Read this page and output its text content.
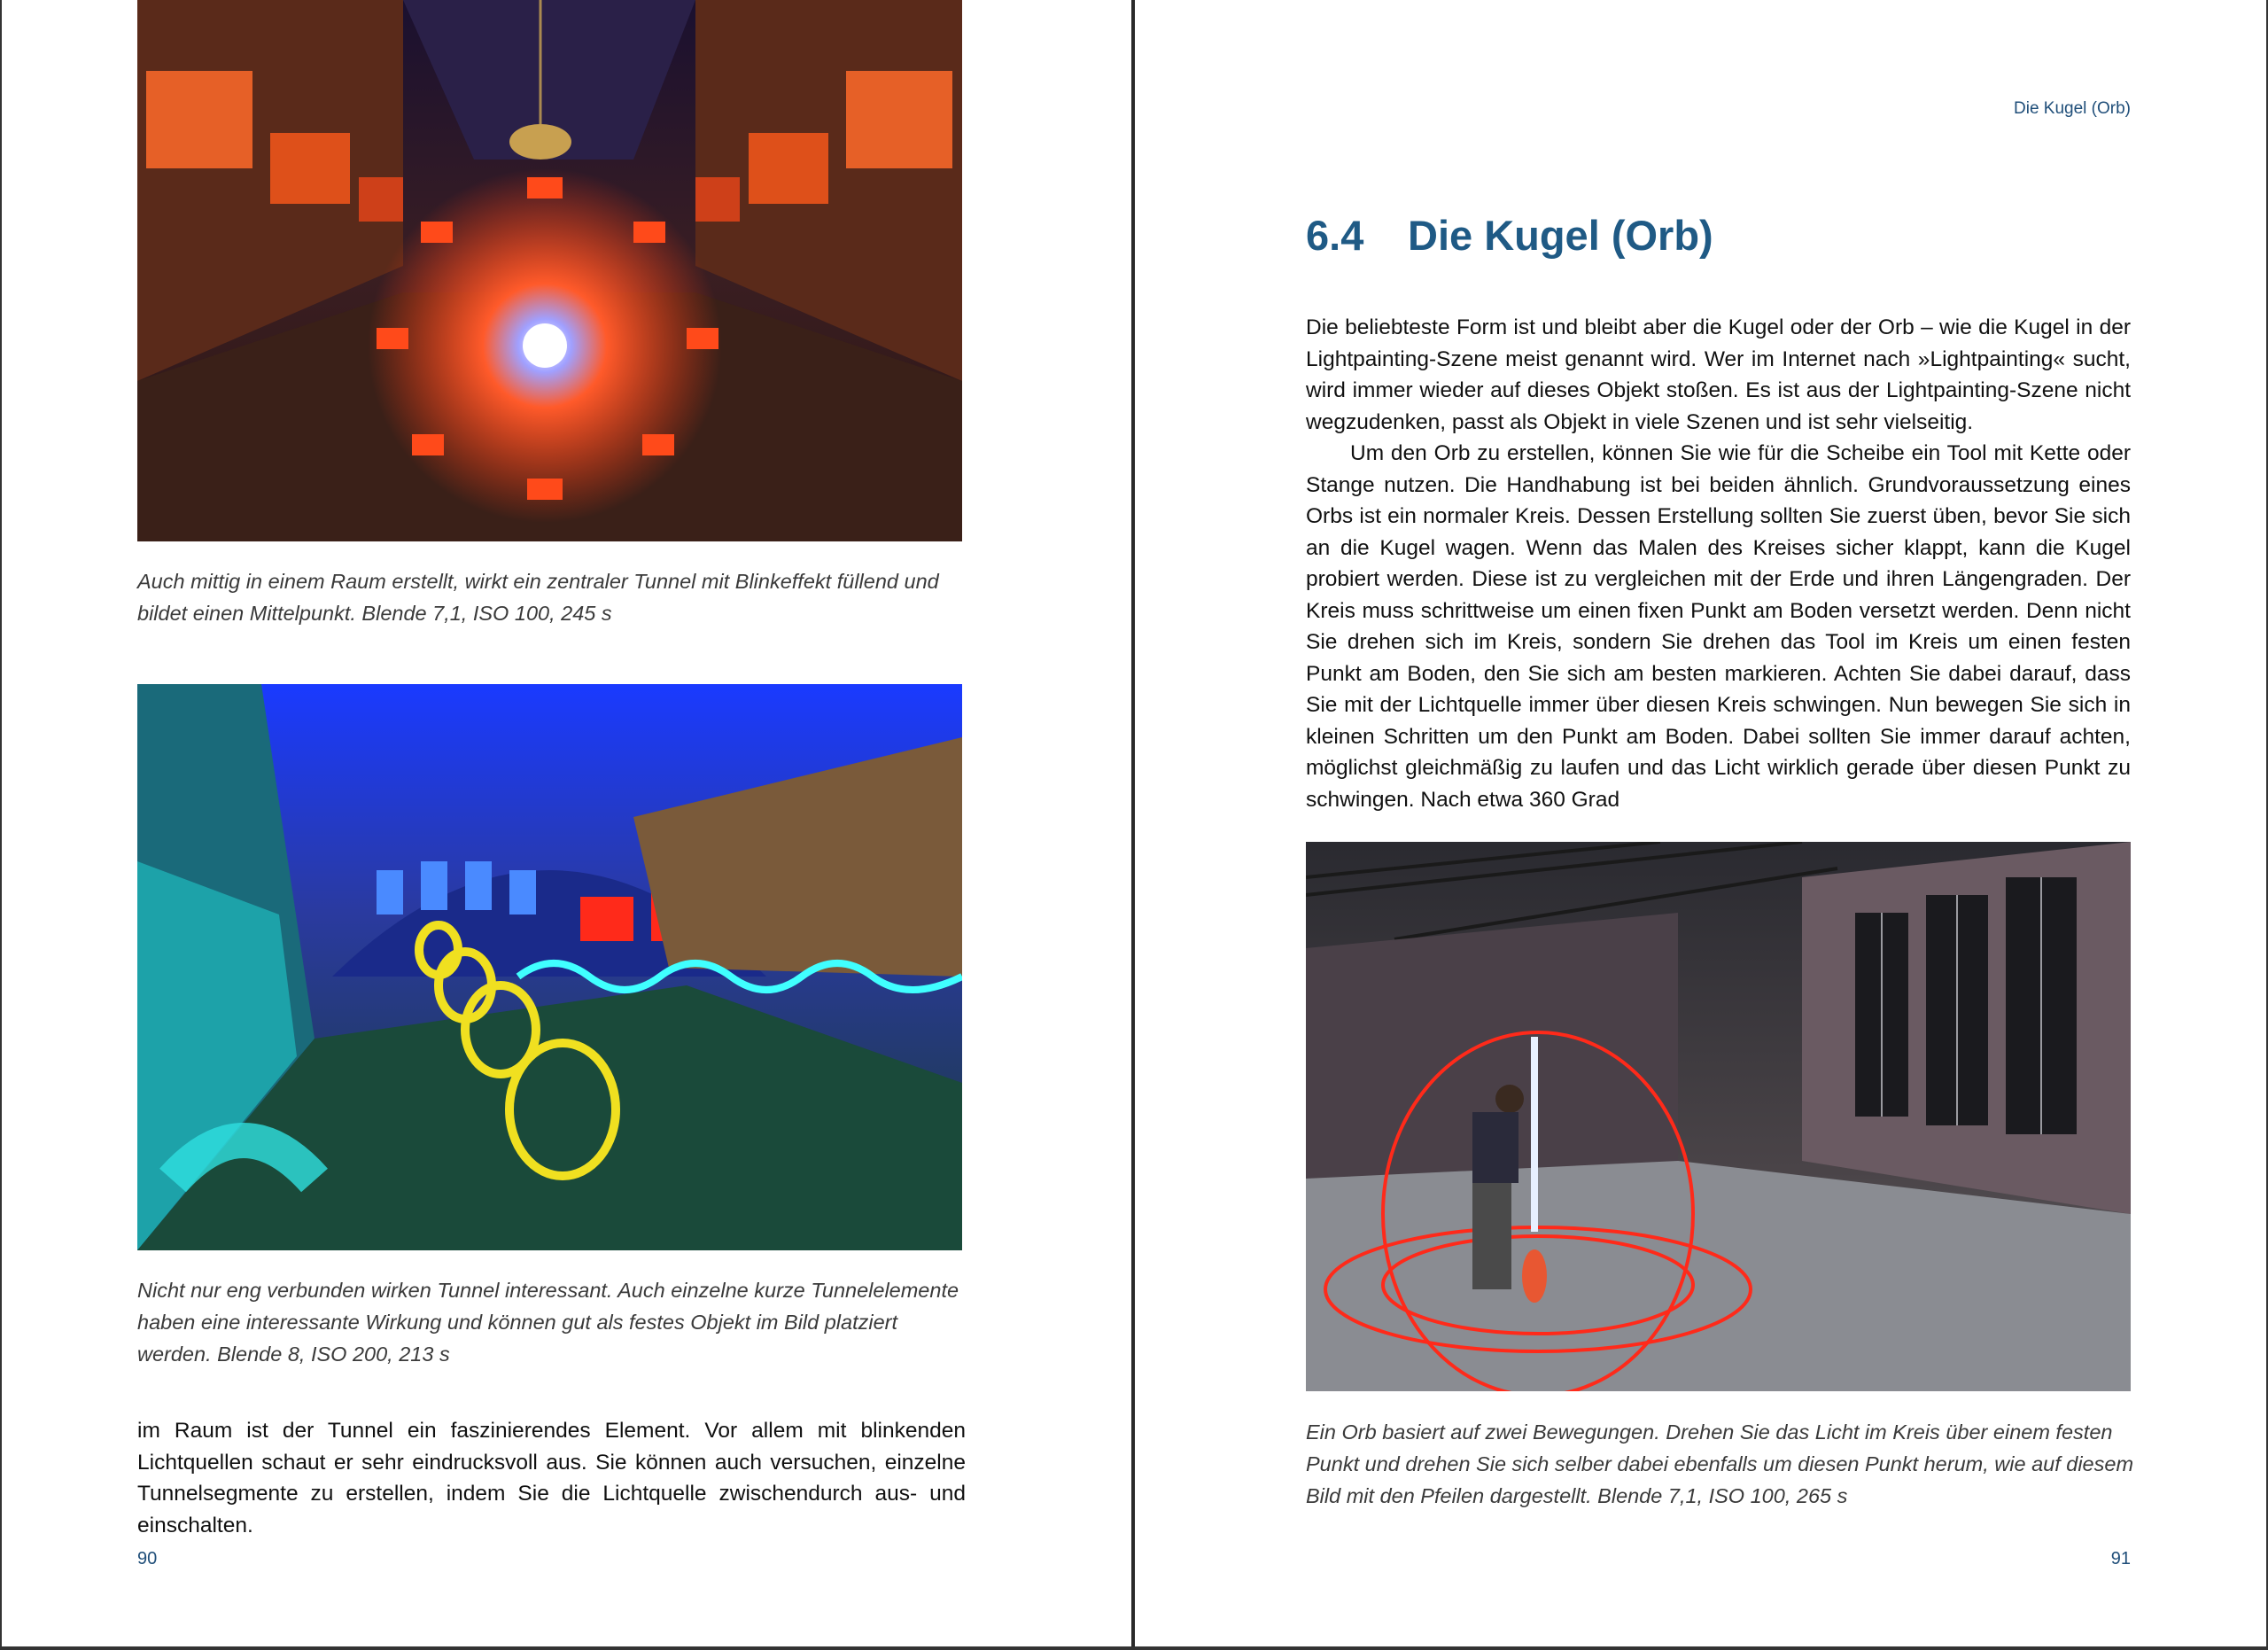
Auch mittig in einem Raum erstellt, wirkt ein zentraler Tunnel mit Blinkeffekt füllend und bildet einen Mittelpunkt. Blende 7,1, ISO 100, 245 s
Nicht nur eng verbunden wirken Tunnel interessant. Auch einzelne kurze Tunnelelemente haben eine interessante Wirkung und können gut als festes Objekt im Bild platziert werden. Blende 8, ISO 200, 213 s
im Raum ist der Tunnel ein faszinierendes Element. Vor allem mit blinkenden Lichtquellen schaut er sehr eindrucksvoll aus. Sie können auch versuchen, einzelne Tunnelsegmente zu erstellen, indem Sie die Lichtquelle zwischendurch aus- und einschalten.
90
Die Kugel (Orb)
6.4 Die Kugel (Orb)

Die beliebteste Form ist und bleibt aber die Kugel oder der Orb – wie die Kugel in der Lightpainting-Szene meist genannt wird. Wer im Internet nach »Lightpainting« sucht, wird immer wieder auf dieses Objekt stoßen. Es ist aus der Lightpainting-Szene nicht wegzudenken, passt als Objekt in viele Szenen und ist sehr vielseitig.

Um den Orb zu erstellen, können Sie wie für die Scheibe ein Tool mit Kette oder Stange nutzen. Die Handhabung ist bei beiden ähnlich. Grundvoraussetzung eines Orbs ist ein normaler Kreis. Dessen Erstellung sollten Sie zuerst üben, bevor Sie sich an die Kugel wagen. Wenn das Malen des Kreises sicher klappt, kann die Kugel probiert werden. Diese ist zu vergleichen mit der Erde und ihren Längengraden. Der Kreis muss schrittweise um einen fixen Punkt am Boden versetzt werden. Denn nicht Sie drehen sich im Kreis, sondern Sie drehen das Tool im Kreis um einen festen Punkt am Boden, den Sie sich am besten markieren. Achten Sie dabei darauf, dass Sie mit der Lichtquelle immer über diesen Kreis schwingen. Nun bewegen Sie sich in kleinen Schritten um den Punkt am Boden. Dabei sollten Sie immer darauf achten, möglichst gleichmäßig zu laufen und das Licht wirklich gerade über diesen Punkt zu schwingen. Nach etwa 360 Grad

Ein Orb basiert auf zwei Bewegungen. Drehen Sie das Licht im Kreis über einem festen Punkt und drehen Sie sich selber dabei ebenfalls um diesen Punkt herum, wie auf diesem Bild mit den Pfeilen dargestellt. Blende 7,1, ISO 100, 265 s
91
